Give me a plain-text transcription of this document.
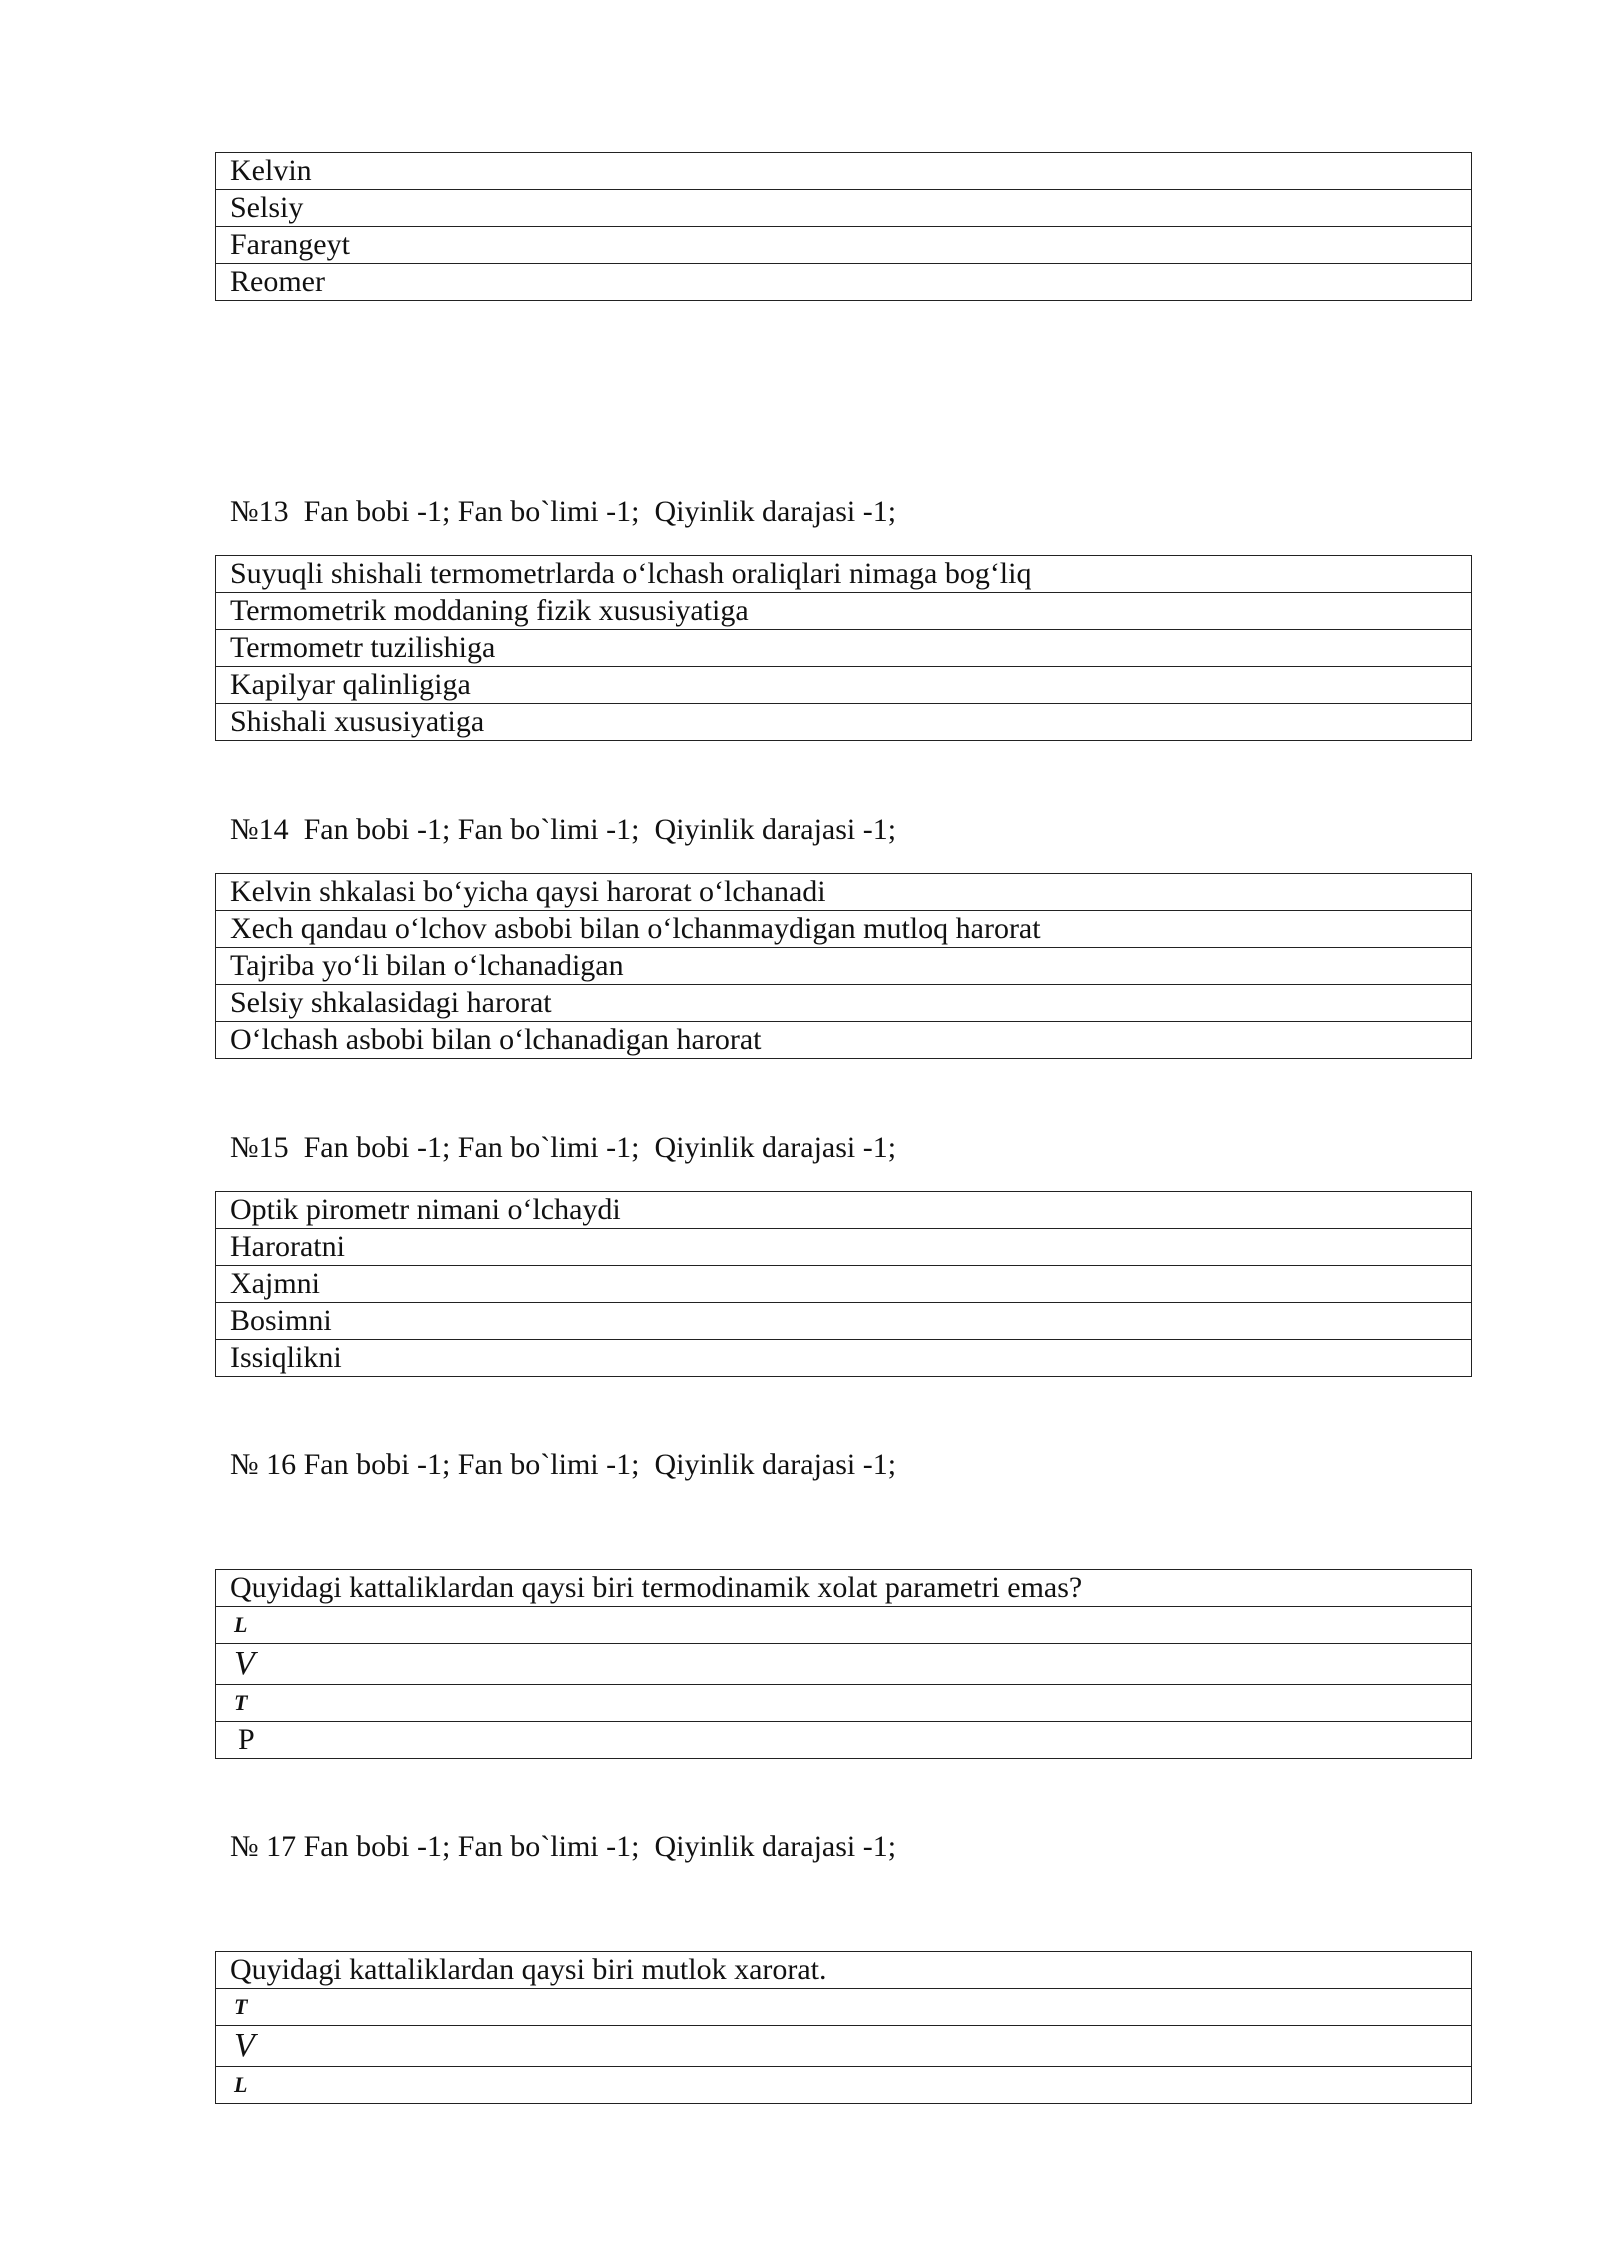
Kelvin
Selsiy
Farangeyt
Reomer
№13  Fan bobi -1; Fan bo`limi -1;  Qiyinlik darajasi -1;
Suyuqli shishali termometrlarda o‘lchash oraliqlari nimaga bog‘liq
Termometrik moddaning fizik xususiyatiga
Termometr tuzilishiga
Kapilyar qalinligiga
Shishali xususiyatiga
№14  Fan bobi -1; Fan bo`limi -1;  Qiyinlik darajasi -1;
Kelvin shkalasi bo‘yicha qaysi harorat o‘lchanadi
Xech qandau o‘lchov asbobi bilan o‘lchanmaydigan mutloq harorat
Tajriba yo‘li bilan o‘lchanadigan
Selsiy shkalasidagi harorat
O‘lchash asbobi bilan o‘lchanadigan harorat
№15  Fan bobi -1; Fan bo`limi -1;  Qiyinlik darajasi -1;
Optik pirometr nimani o‘lchaydi
Haroratni
Xajmni
Bosimni
Issiqlikni
№ 16 Fan bobi -1; Fan bo`limi -1;  Qiyinlik darajasi -1;
Quyidagi kattaliklardan qaysi biri termodinamik xolat parametri emas?
L
V
T
P
№ 17 Fan bobi -1; Fan bo`limi -1;  Qiyinlik darajasi -1;
Quyidagi kattaliklardan qaysi biri mutlok xarorat.
T
V
L
